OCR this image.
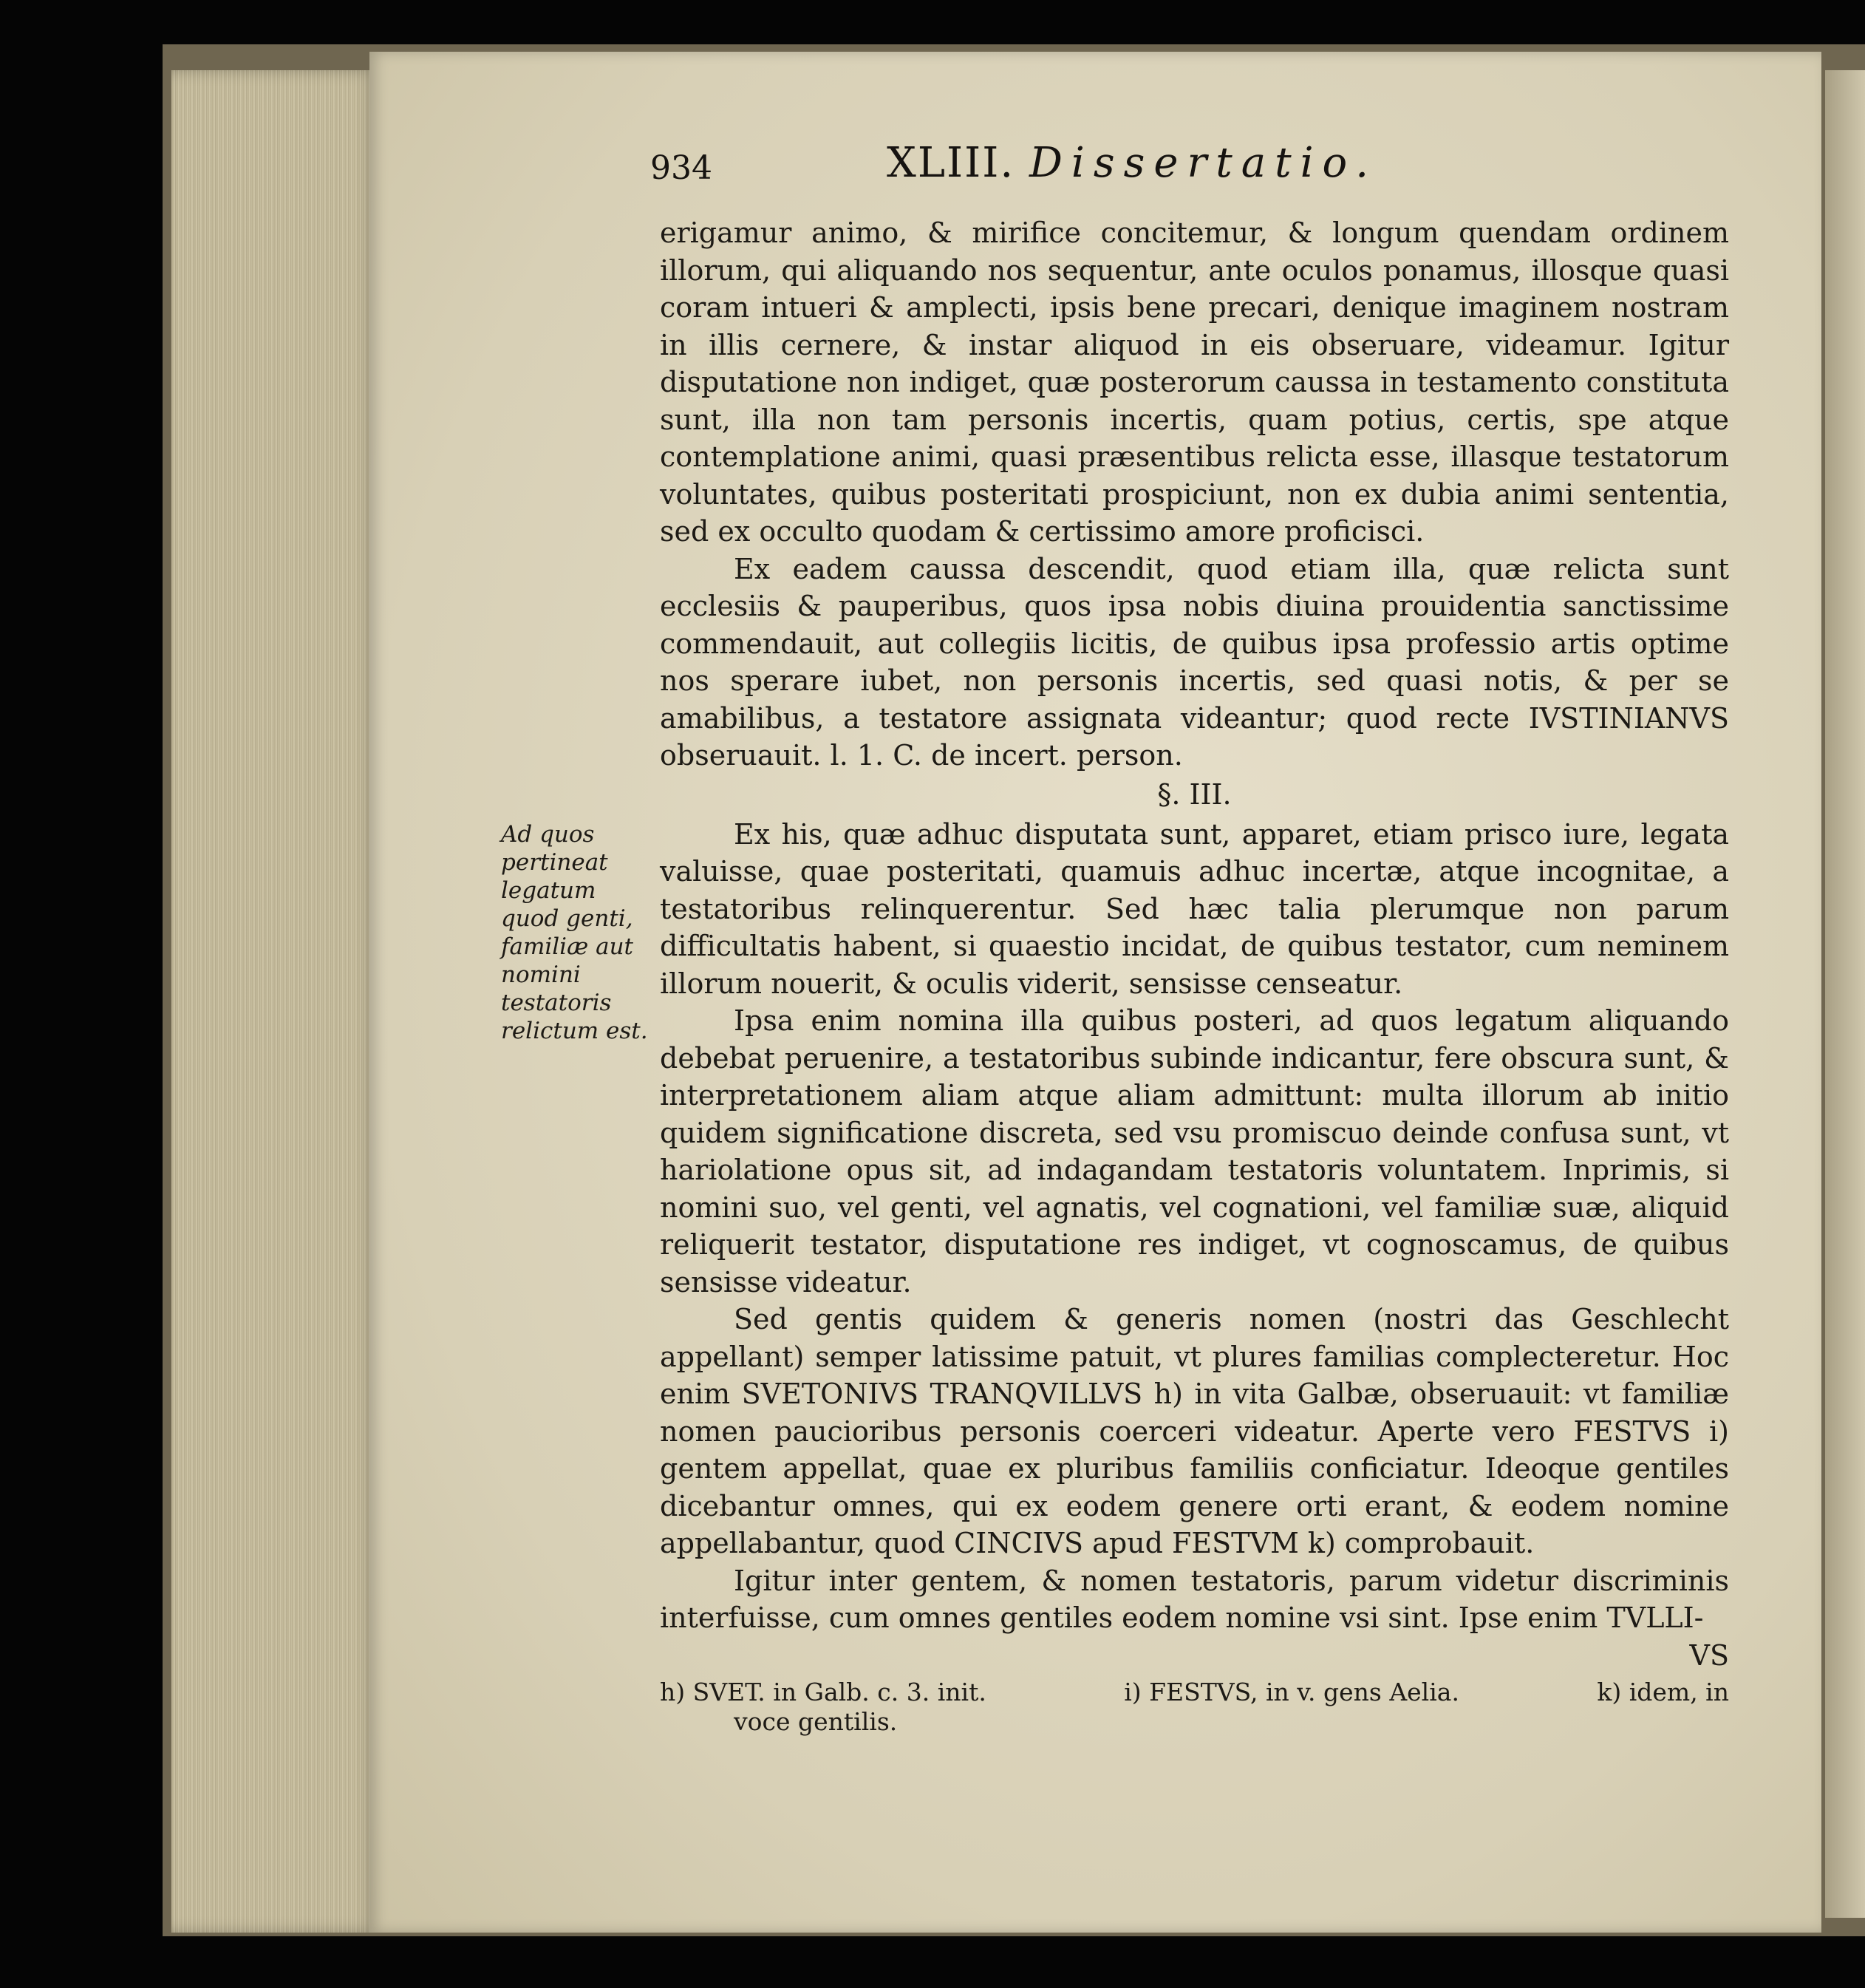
934	XLIII. Dissertatio.

erigamur animo, & mirifice concitemur, & longum quendam ordinem illorum, qui aliquando nos sequentur, ante oculos ponamus, illosque quasi coram intueri & amplecti, ipsis bene precari, denique imaginem nostram in illis cernere, & instar aliquod in eis obseruare, videamur. Igitur disputatione non indiget, quæ posterorum caussa in testamento constituta sunt, illa non tam personis incertis, quam potius, certis, spe atque contemplatione animi, quasi præsentibus relicta esse, illasque testatorum voluntates, quibus posteritati prospiciunt, non ex dubia animi sententia, sed ex occulto quodam & certissimo amore proficisci.

Ex eadem caussa descendit, quod etiam illa, quæ relicta sunt ecclesiis & pauperibus, quos ipsa nobis diuina prouidentia sanctissime commendauit, aut collegiis licitis, de quibus ipsa professio artis optime nos sperare iubet, non personis incertis, sed quasi notis, & per se amabilibus, a testatore assignata videantur; quod recte IVSTINIANVS obseruauit. l. 1. C. de incert. person.

§. III.

Ex his, quæ adhuc disputata sunt, apparet, etiam prisco iure, legata valuisse, quae posteritati, quamuis adhuc incertæ, atque incognitae, a testatoribus relinquerentur. Sed hæc talia plerumque non parum difficultatis habent, si quaestio incidat, de quibus testator, cum neminem illorum nouerit, & oculis viderit, sensisse censeatur.

Ipsa enim nomina illa quibus posteri, ad quos legatum aliquando debebat peruenire, a testatoribus subinde indicantur, fere obscura sunt, & interpretationem aliam atque aliam admittunt: multa illorum ab initio quidem significatione discreta, sed vsu promiscuo deinde confusa sunt, vt hariolatione opus sit, ad indagandam testatoris voluntatem. Inprimis, si nomini suo, vel genti, vel agnatis, vel cognationi, vel familiæ suæ, aliquid reliquerit testator, disputatione res indiget, vt cognoscamus, de quibus sensisse videatur.

Sed gentis quidem & generis nomen (nostri das Geschlecht appellant) semper latissime patuit, vt plures familias complecteretur. Hoc enim SVETONIVS TRANQVILLVS h) in vita Galbæ, obseruauit: vt familiæ nomen paucioribus personis coerceri videatur. Aperte vero FESTVS i) gentem appellat, quae ex pluribus familiis conficiatur. Ideoque gentiles dicebantur omnes, qui ex eodem genere orti erant, & eodem nomine appellabantur, quod CINCIVS apud FESTVM k) comprobauit.

Igitur inter gentem, & nomen testatoris, parum videtur discriminis interfuisse, cum omnes gentiles eodem nomine vsi sint. Ipse enim TVLLI-

VS
Ad quos pertineat legatum quod genti, familiæ aut nomini testatoris relictum est.
h) SVET. in Galb. c. 3. init.	i) FESTVS, in v. gens Aelia.	k) idem, in
voce gentilis.
